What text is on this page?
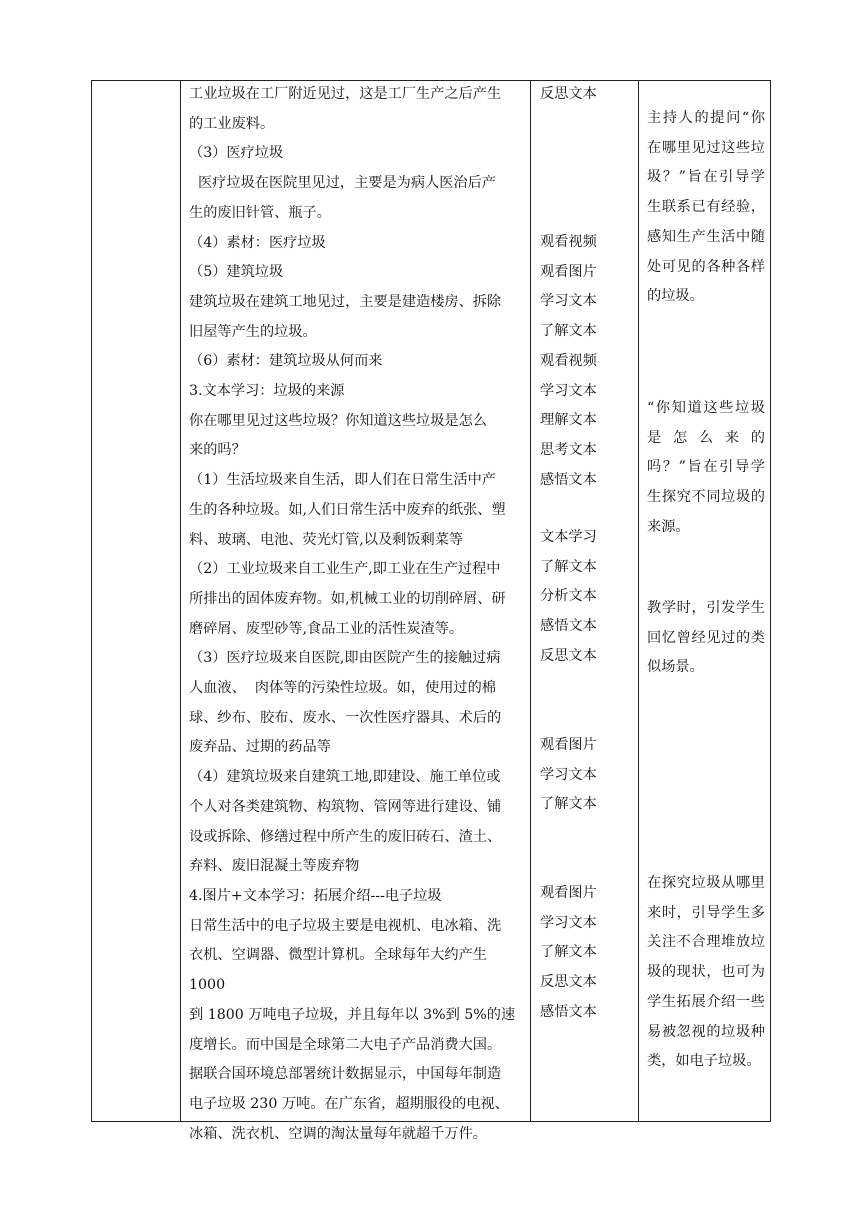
工业垃圾在工厂附近见过，这是工厂生产之后产生

的工业废料。

（3）医疗垃圾

医疗垃圾在医院里见过，主要是为病人医治后产

生的废旧针管、瓶子。

（4）素材：医疗垃圾

（5）建筑垃圾

建筑垃圾在建筑工地见过，主要是建造楼房、拆除

旧屋等产生的垃圾。

（6）素材：建筑垃圾从何而来

3.文本学习：垃圾的来源

你在哪里见过这些垃圾？你知道这些垃圾是怎么

来的吗？

（1）生活垃圾来自生活，即人们在日常生活中产

生的各种垃圾。如,人们日常生活中废弃的纸张、塑

料、玻璃、电池、荧光灯管,以及剩饭剩菜等

（2）工业垃圾来自工业生产,即工业在生产过程中

所排出的固体废弃物。如,机械工业的切削碎屑、研

磨碎屑、废型砂等,食品工业的活性炭渣等。

（3）医疗垃圾来自医院,即由医院产生的接触过病

人血液、  肉体等的污染性垃圾。如，使用过的棉

球、纱布、胶布、废水、一次性医疗器具、术后的

废弃品、过期的药品等

（4）建筑垃圾来自建筑工地,即建设、施工单位或

个人对各类建筑物、构筑物、管网等进行建设、铺

设或拆除、修缮过程中所产生的废旧砖石、渣土、

弃料、废旧混凝土等废弃物

4.图片+文本学习：拓展介绍---电子垃圾

日常生活中的电子垃圾主要是电视机、电冰箱、洗

衣机、空调器、微型计算机。全球每年大约产生 1000

到 1800 万吨电子垃圾，并且每年以 3%到 5%的速

度增长。而中国是全球第二大电子产品消费大国。

据联合国环境总部署统计数据显示，中国每年制造

电子垃圾 230 万吨。在广东省，超期服役的电视、

冰箱、洗衣机、空调的淘汰量每年就超千万件。

反思文本

观看视频

观看图片

学习文本

了解文本

观看视频

学习文本

理解文本

思考文本

感悟文本

文本学习

了解文本

分析文本

感悟文本

反思文本

观看图片

学习文本

了解文本

观看图片

学习文本

了解文本

反思文本

感悟文本

主持人的提问“你在哪里见过这些垃圾？”旨在引导学生联系已有经验，感知生产生活中随处可见的各种各样的垃圾。

“你知道这些垃圾是怎么来的吗？”旨在引导学生探究不同垃圾的来源。

教学时，引发学生回忆曾经见过的类似场景。

在探究垃圾从哪里来时，引导学生多关注不合理堆放垃圾的现状，也可为学生拓展介绍一些易被忽视的垃圾种类，如电子垃圾。
